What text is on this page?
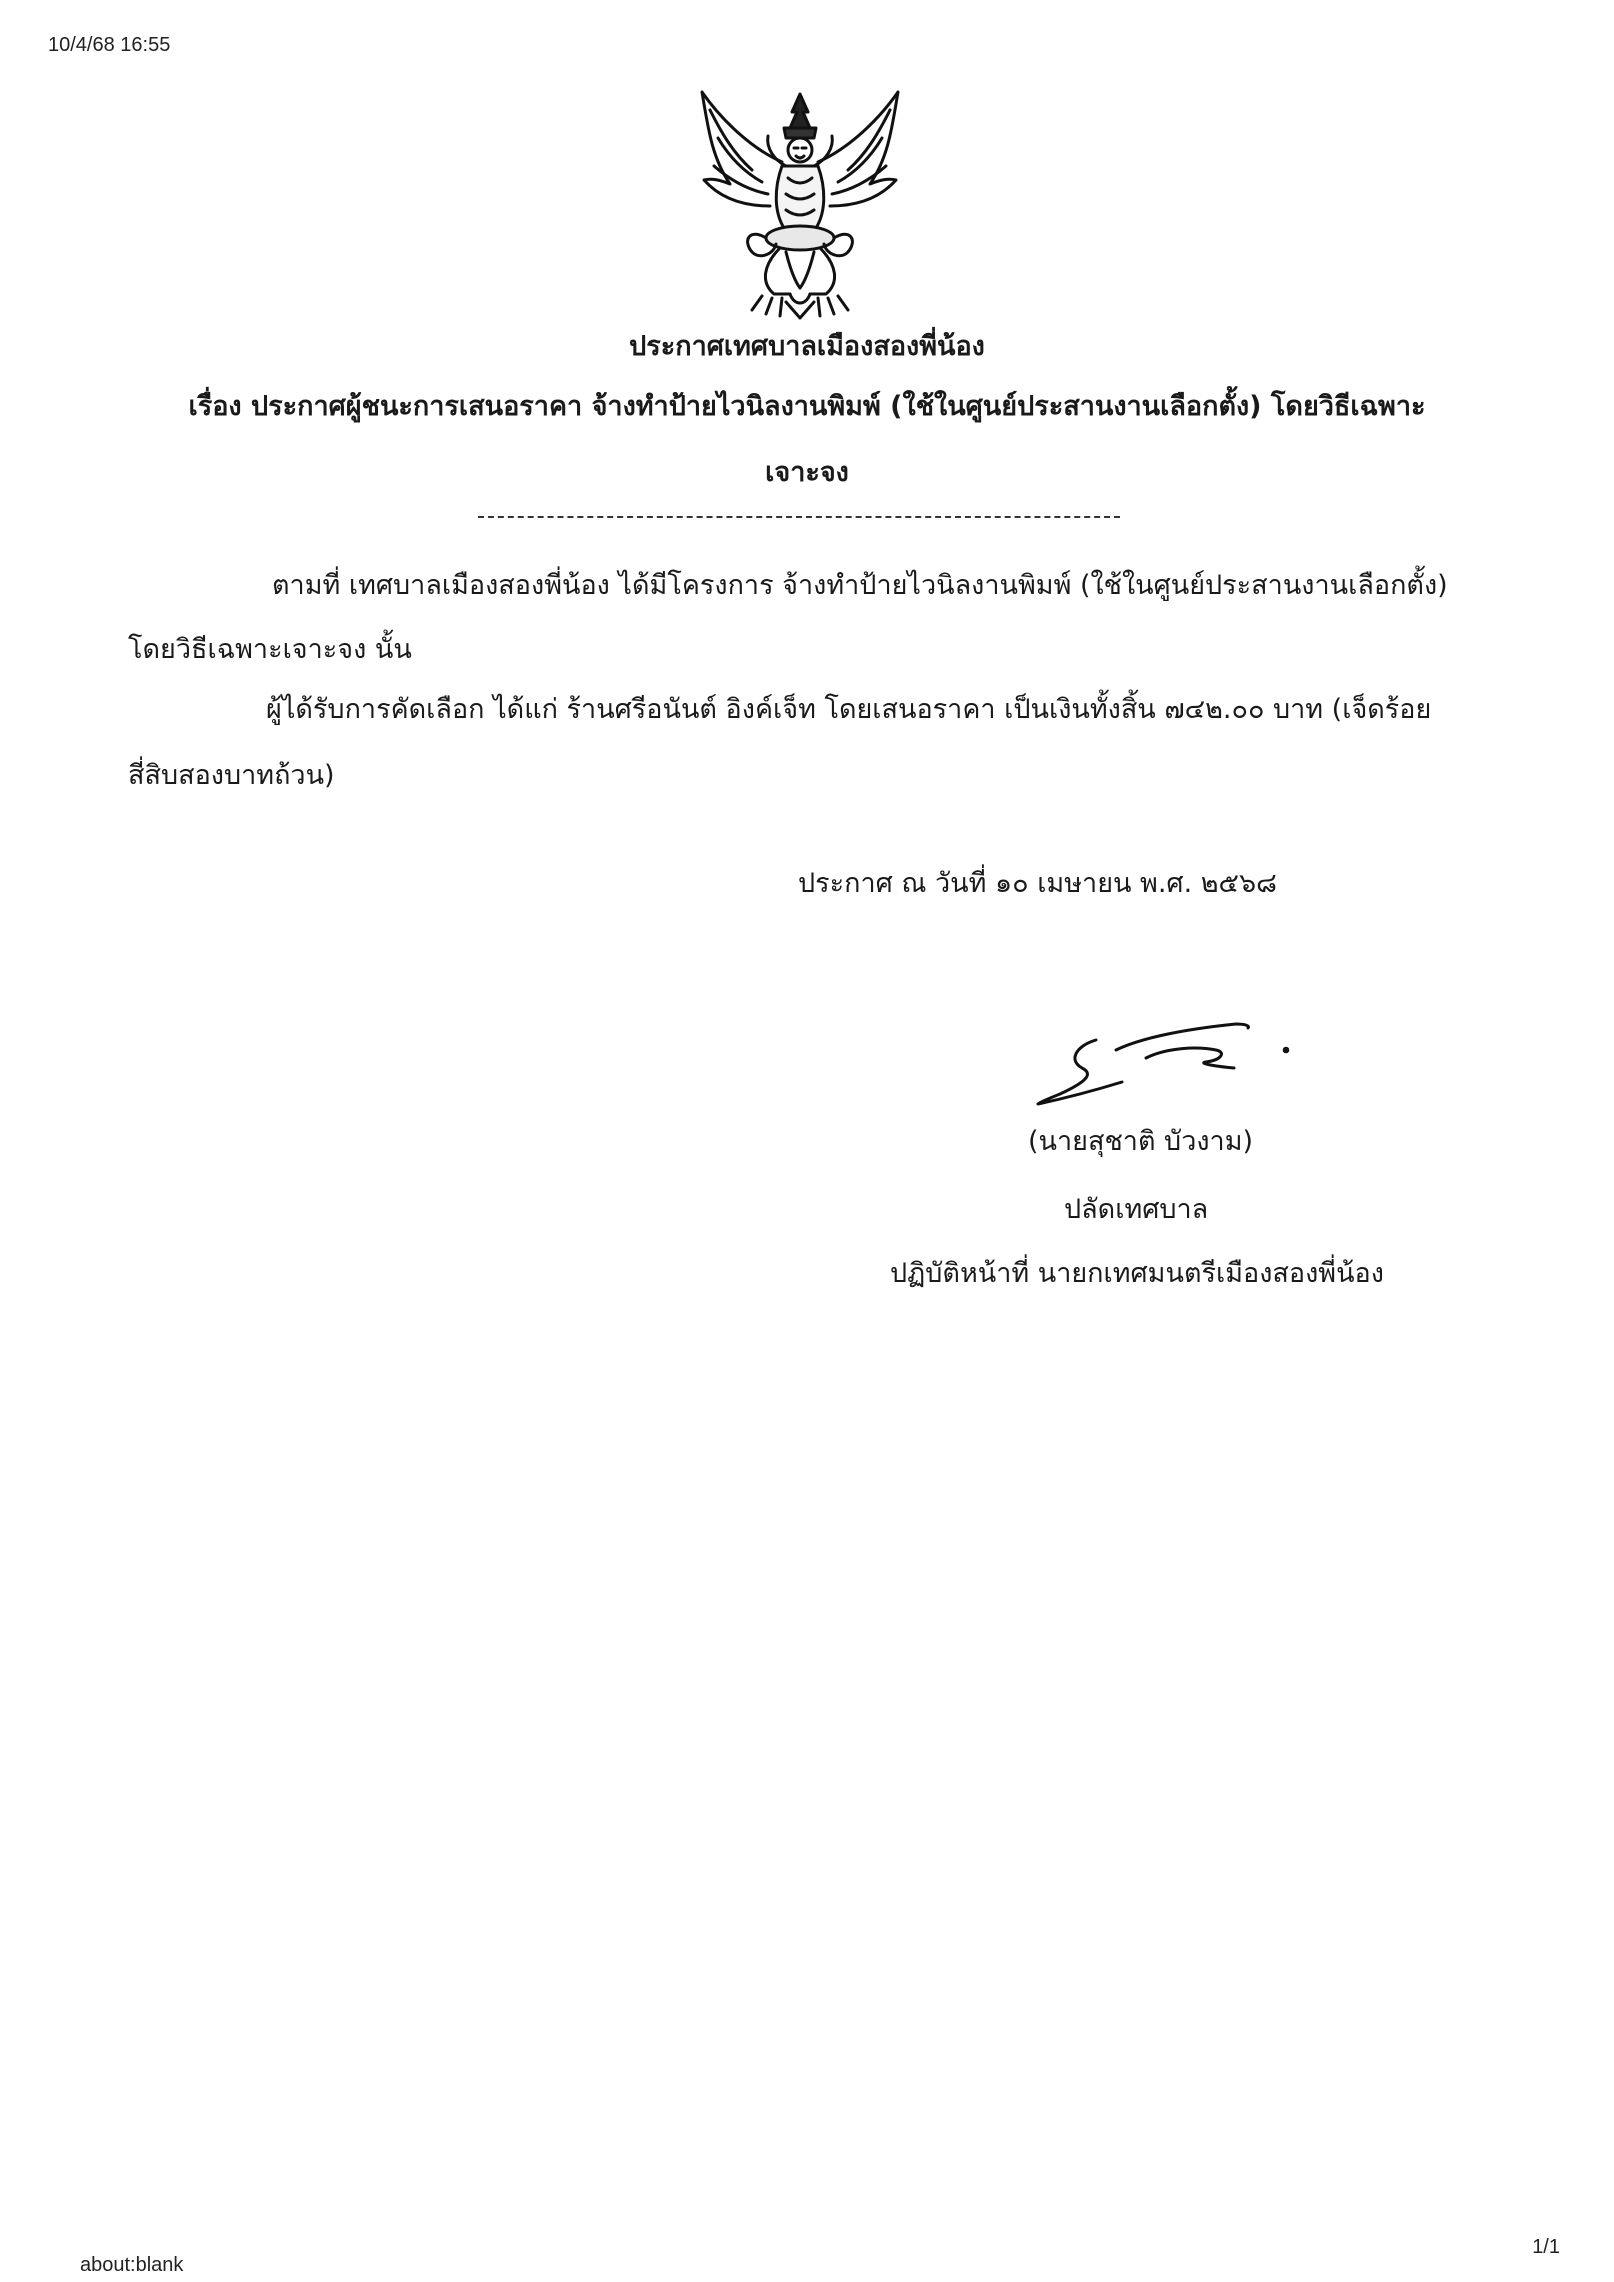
10/4/68 16:55
ประกาศเทศบาลเมืองสองพี่น้อง
เรื่อง ประกาศผู้ชนะการเสนอราคา จ้างทำป้ายไวนิลงานพิมพ์ (ใช้ในศูนย์ประสานงานเลือกตั้ง) โดยวิธีเฉพาะ
เจาะจง
ตามที่ เทศบาลเมืองสองพี่น้อง ได้มีโครงการ จ้างทำป้ายไวนิลงานพิมพ์ (ใช้ในศูนย์ประสานงานเลือกตั้ง)
โดยวิธีเฉพาะเจาะจง นั้น
ผู้ได้รับการคัดเลือก ได้แก่ ร้านศรีอนันต์ อิงค์เจ็ท โดยเสนอราคา เป็นเงินทั้งสิ้น ๗๔๒.๐๐ บาท (เจ็ดร้อย
สี่สิบสองบาทถ้วน)
ประกาศ ณ วันที่ ๑๐ เมษายน พ.ศ. ๒๕๖๘
(นายสุชาติ บัวงาม)
ปลัดเทศบาล
ปฏิบัติหน้าที่ นายกเทศมนตรีเมืองสองพี่น้อง
about:blank
1/1
